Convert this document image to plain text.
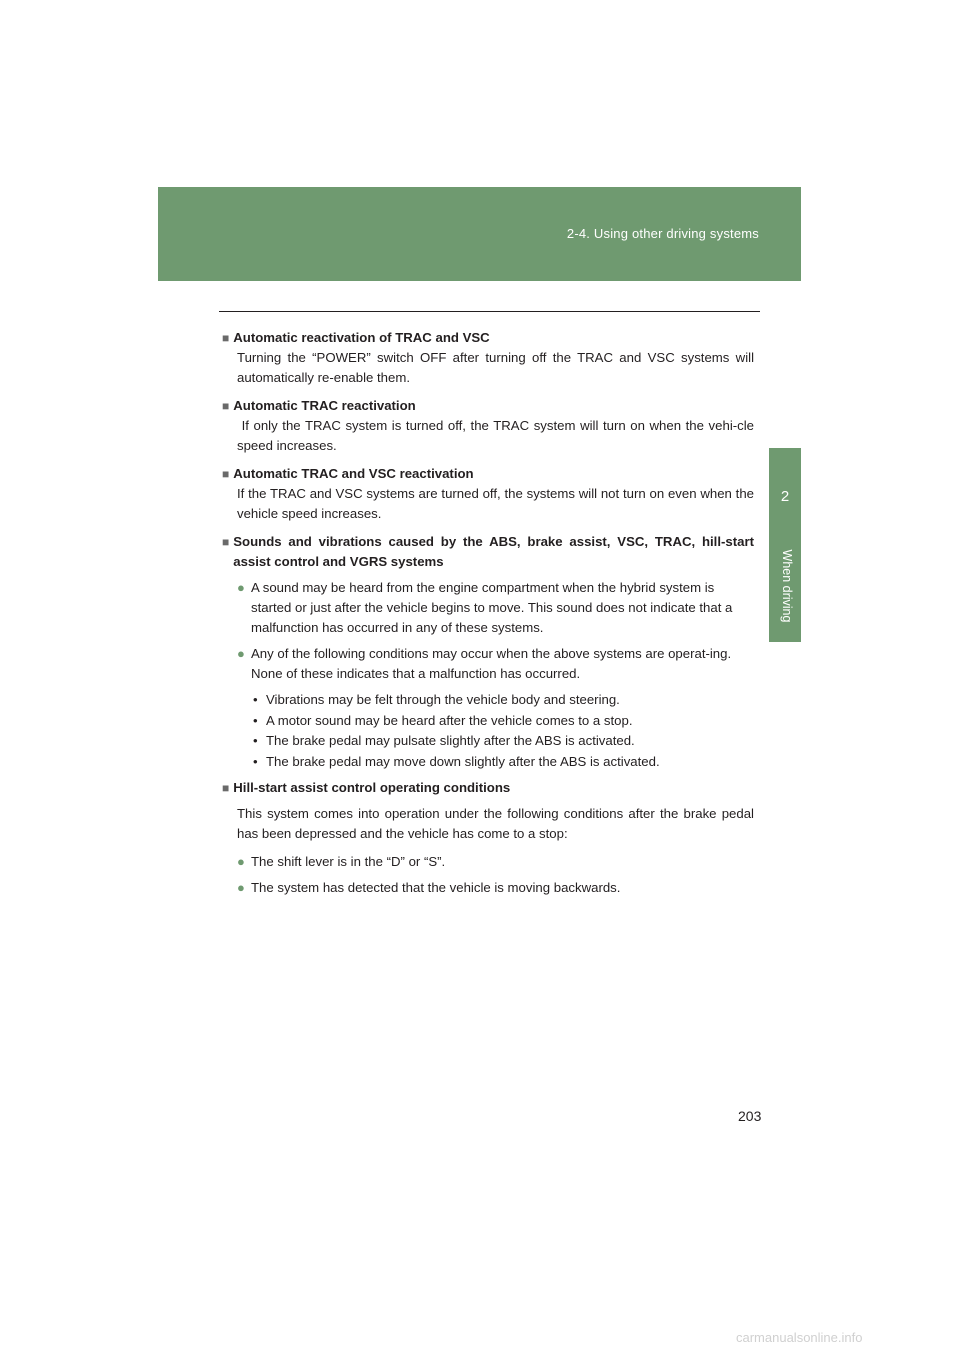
2-4. Using other driving systems
2
When driving
■ Automatic reactivation of TRAC and VSC
Turning the “POWER” switch OFF after turning off the TRAC and VSC systems will automatically re-enable them.
■ Automatic TRAC reactivation
If only the TRAC system is turned off, the TRAC system will turn on when the vehi-cle speed increases.
■ Automatic TRAC and VSC reactivation
If the TRAC and VSC systems are turned off, the systems will not turn on even when the vehicle speed increases.
■ Sounds and vibrations caused by the ABS, brake assist, VSC, TRAC, hill-start assist control and VGRS systems
● A sound may be heard from the engine compartment when the hybrid system is started or just after the vehicle begins to move. This sound does not indicate that a malfunction has occurred in any of these systems.
● Any of the following conditions may occur when the above systems are operat-ing. None of these indicates that a malfunction has occurred.
• Vibrations may be felt through the vehicle body and steering.
• A motor sound may be heard after the vehicle comes to a stop.
• The brake pedal may pulsate slightly after the ABS is activated.
• The brake pedal may move down slightly after the ABS is activated.
■ Hill-start assist control operating conditions
This system comes into operation under the following conditions after the brake pedal has been depressed and the vehicle has come to a stop:
● The shift lever is in the “D” or “S”.
● The system has detected that the vehicle is moving backwards.
203
carmanualsonline.info
